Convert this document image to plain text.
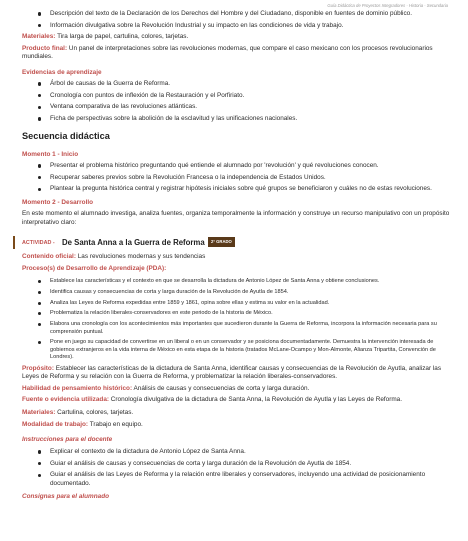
Guía Didáctica de Proyectos Integradores · Historia · Secundaria
Descripción del texto de la Declaración de los Derechos del Hombre y del Ciudadano, disponible en fuentes de dominio público.
Información divulgativa sobre la Revolución Industrial y su impacto en las condiciones de vida y trabajo.
Materiales: Tira larga de papel, cartulina, colores, tarjetas.
Producto final: Un panel de interpretaciones sobre las revoluciones modernas, que compare el caso mexicano con los procesos revolucionarios mundiales.
Evidencias de aprendizaje
Árbol de causas de la Guerra de Reforma.
Cronología con puntos de inflexión de la Restauración y el Porfiriato.
Ventana comparativa de las revoluciones atlánticas.
Ficha de perspectivas sobre la abolición de la esclavitud y las unificaciones nacionales.
Secuencia didáctica
Momento 1 - Inicio
Presentar el problema histórico preguntando qué entiende el alumnado por 'revolución' y qué revoluciones conocen.
Recuperar saberes previos sobre la Revolución Francesa o la independencia de Estados Unidos.
Plantear la pregunta histórica central y registrar hipótesis iniciales sobre qué grupos se beneficiaron y cuáles no de estas revoluciones.
Momento 2 - Desarrollo
En este momento el alumnado investiga, analiza fuentes, organiza temporalmente la información y construye un recurso manipulativo con un propósito interpretativo claro:
ACTIVIDAD - De Santa Anna a la Guerra de Reforma	2° GRADO
Contenido oficial: Las revoluciones modernas y sus tendencias
Proceso(s) de Desarrollo de Aprendizaje (PDA):
Establece las características y el contexto en que se desarrolla la dictadura de Antonio López de Santa Anna y obtiene conclusiones.
Identifica causas y consecuencias de corta y larga duración de la Revolución de Ayutla de 1854.
Analiza las Leyes de Reforma expedidas entre 1859 y 1861, opina sobre ellas y estima su valor en la actualidad.
Problematiza la relación liberales-conservadores en este periodo de la historia de México.
Elabora una cronología con los acontecimientos más importantes que sucedieron durante la Guerra de Reforma, incorpora la información necesaria para su comprensión puntual.
Pone en juego su capacidad de convertirse en un liberal o en un conservador y se posiciona documentadamente. Demuestra la intervención interesada de gobiernos extranjeros en la vida interna de México en esta etapa de la historia (tratados McLane-Ocampo y Mon-Almonte, Alianza Tripartita, Convención de Londres).
Propósito: Establecer las características de la dictadura de Santa Anna, identificar causas y consecuencias de la Revolución de Ayutla, analizar las Leyes de Reforma y su relación con la Guerra de Reforma, y problematizar la relación liberales-conservadores.
Habilidad de pensamiento histórico: Análisis de causas y consecuencias de corta y larga duración.
Fuente o evidencia utilizada: Cronología divulgativa de la dictadura de Santa Anna, la Revolución de Ayutla y las Leyes de Reforma.
Materiales: Cartulina, colores, tarjetas.
Modalidad de trabajo: Trabajo en equipo.
Instrucciones para el docente
Explicar el contexto de la dictadura de Antonio López de Santa Anna.
Guiar el análisis de causas y consecuencias de corta y larga duración de la Revolución de Ayutla de 1854.
Guiar el análisis de las Leyes de Reforma y la relación entre liberales y conservadores, incluyendo una actividad de posicionamiento documentado.
Consignas para el alumnado
